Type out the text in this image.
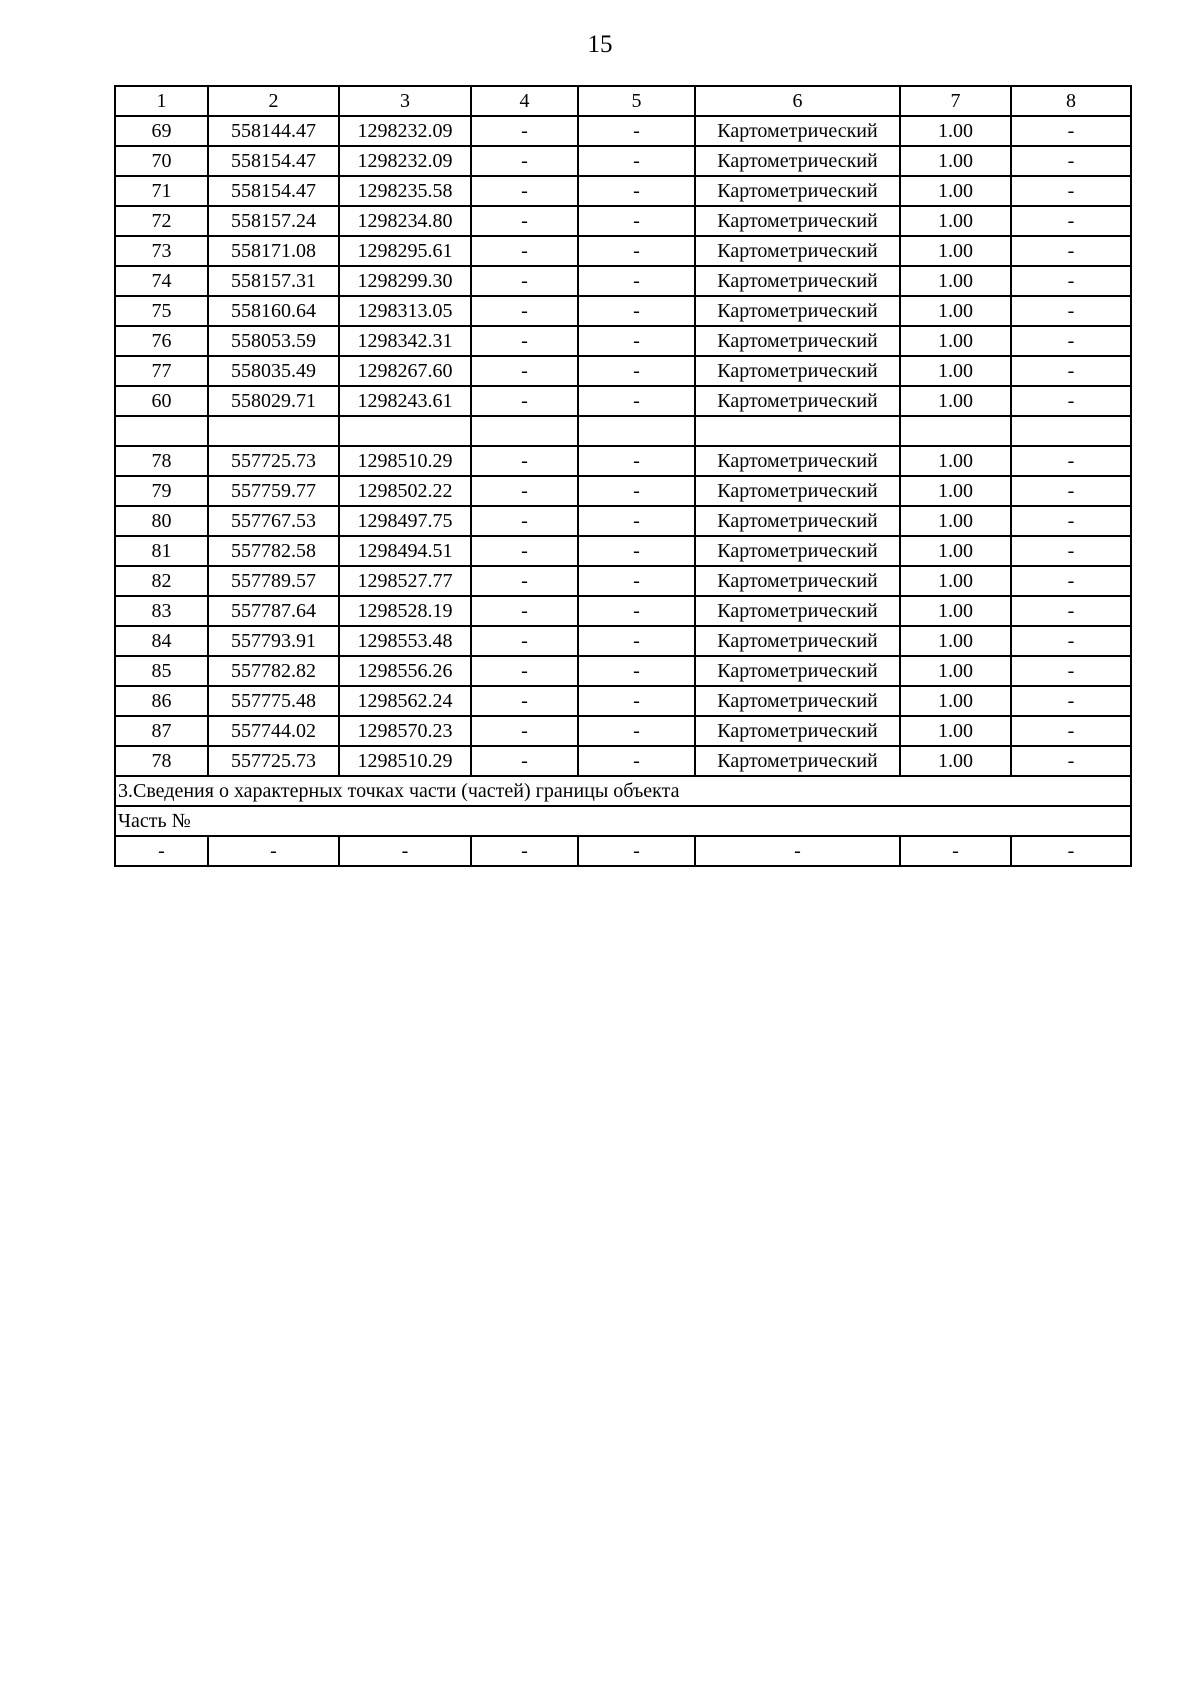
15
1	2	3	4	5	6	7	8
69	558144.47	1298232.09	-	-	Картометрический	1.00	-
70	558154.47	1298232.09	-	-	Картометрический	1.00	-
71	558154.47	1298235.58	-	-	Картометрический	1.00	-
72	558157.24	1298234.80	-	-	Картометрический	1.00	-
73	558171.08	1298295.61	-	-	Картометрический	1.00	-
74	558157.31	1298299.30	-	-	Картометрический	1.00	-
75	558160.64	1298313.05	-	-	Картометрический	1.00	-
76	558053.59	1298342.31	-	-	Картометрический	1.00	-
77	558035.49	1298267.60	-	-	Картометрический	1.00	-
60	558029.71	1298243.61	-	-	Картометрический	1.00	-

78	557725.73	1298510.29	-	-	Картометрический	1.00	-
79	557759.77	1298502.22	-	-	Картометрический	1.00	-
80	557767.53	1298497.75	-	-	Картометрический	1.00	-
81	557782.58	1298494.51	-	-	Картометрический	1.00	-
82	557789.57	1298527.77	-	-	Картометрический	1.00	-
83	557787.64	1298528.19	-	-	Картометрический	1.00	-
84	557793.91	1298553.48	-	-	Картометрический	1.00	-
85	557782.82	1298556.26	-	-	Картометрический	1.00	-
86	557775.48	1298562.24	-	-	Картометрический	1.00	-
87	557744.02	1298570.23	-	-	Картометрический	1.00	-
78	557725.73	1298510.29	-	-	Картометрический	1.00	-
3.Сведения о характерных точках части (частей) границы объекта							
Часть №							
-	-	-	-	-	-	-	-
